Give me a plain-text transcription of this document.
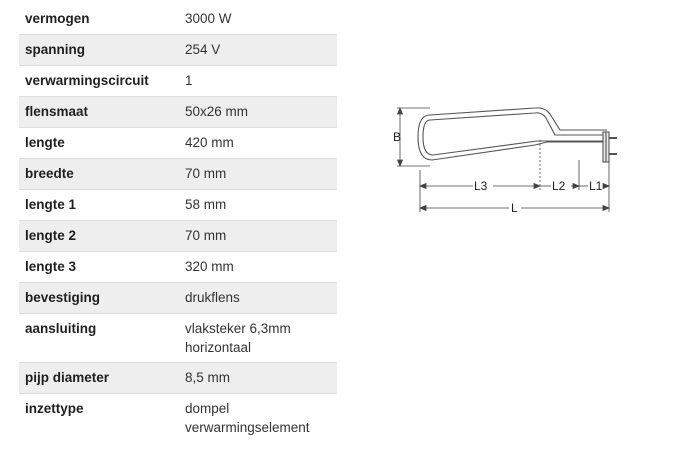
vermogen	3000 W

spanning	254 V

verwarmingscircuit	1

flensmaat	50x26 mm

lengte	420 mm

breedte	70 mm

lengte 1	58 mm

lengte 2	70 mm

lengte 3	320 mm

bevestiging	drukflens

aansluiting	vlaksteker 6,3mm
horizontaal

pijp diameter	8,5 mm

inzettype	dompel
verwarmingselement
B
L3	L2 L1
L
